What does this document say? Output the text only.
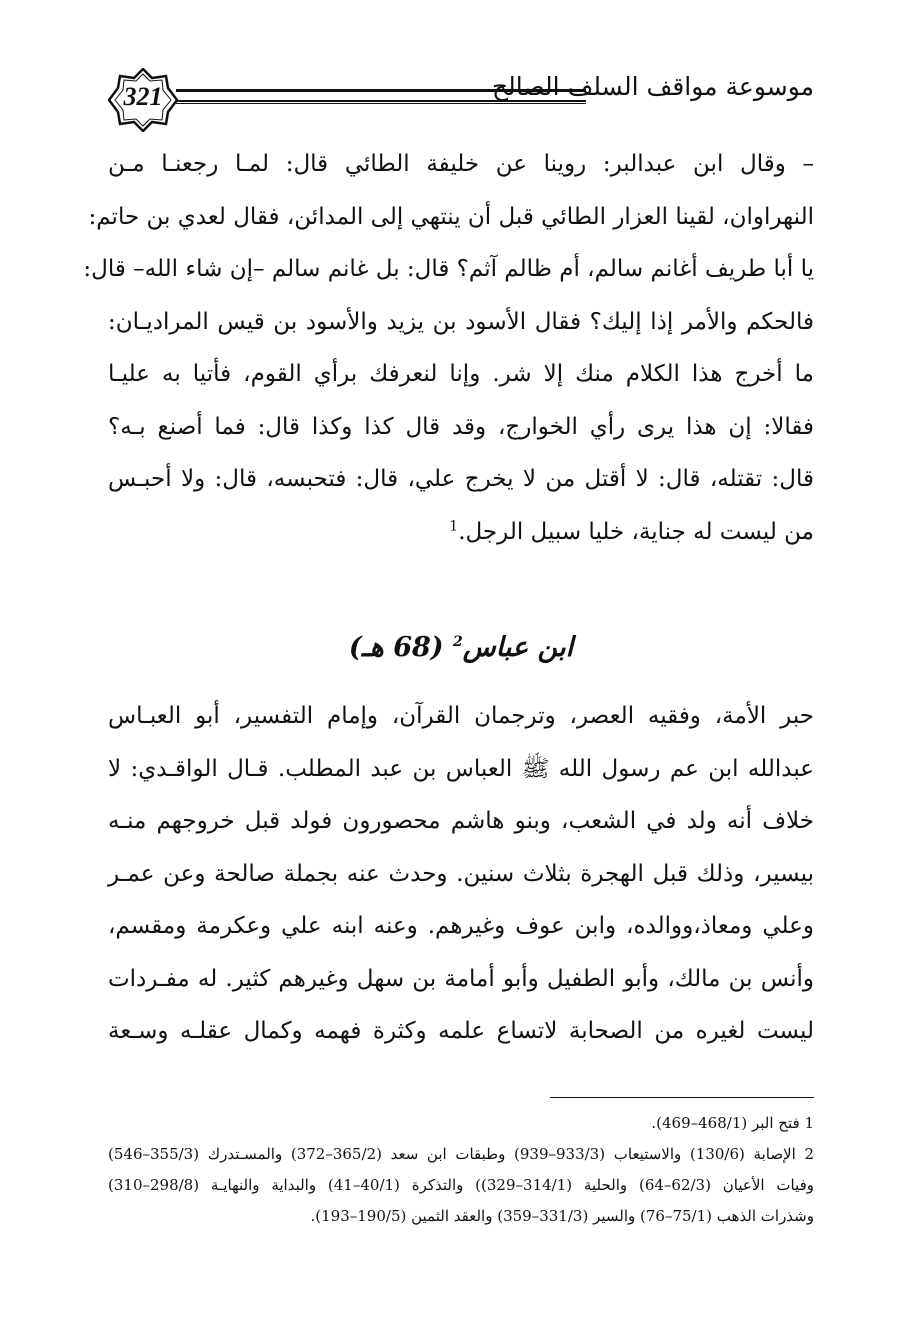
321	موسوعة مواقف السلف الصالح
– وقال ابن عبدالبر: روينا عن خليفة الطائي قال: لمـا رجعنـا مـن
النهراوان، لقينا العزار الطائي قبل أن ينتهي إلى المدائن، فقال لعدي بن حاتم:
يا أبا طريف أغانم سالم، أم ظالم آثم؟ قال: بل غانم سالم –إن شاء الله– قال:
فالحكم والأمر إذا إليك؟ فقال الأسود بن يزيد والأسود بن قيس المراديـان:
ما أخرج هذا الكلام منك إلا شر. وإنا لنعرفك برأي القوم، فأتيا به عليـا
فقالا: إن هذا يرى رأي الخوارج، وقد قال كذا وكذا قال: فما أصنع بـه؟
قال: تقتله، قال: لا أقتل من لا يخرج علي، قال: فتحبسه، قال: ولا أحبـس
من ليست له جناية، خليا سبيل الرجل.$^1$
ابن عباس$^2$ (68 هـ)
حبر الأمة، وفقيه العصر، وترجمان القرآن، وإمام التفسير، أبو العبـاس
عبدالله ابن عم رسول الله ﷺ العباس بن عبد المطلب. قـال الواقـدي: لا
خلاف أنه ولد في الشعب، وبنو هاشم محصورون فولد قبل خروجهم منـه
بيسير، وذلك قبل الهجرة بثلاث سنين. وحدث عنه بجملة صالحة وعن عمـر
وعلي ومعاذ،ووالده، وابن عوف وغيرهم. وعنه ابنه علي وعكرمة ومقسم،
وأنس بن مالك، وأبو الطفيل وأبو أمامة بن سهل وغيرهم كثير. له مفـردات
ليست لغيره من الصحابة لاتساع علمه وكثرة فهمه وكمال عقلـه وسـعة
1 فتح البر (468/1–469).
2 الإصابة (130/6) والاستيعاب (933/3–939) وطبقات ابن سعد (365/2–372) والمسـتدرك (355/3–546)
وفيات الأعيان (62/3–64) والحلية (314/1–329)) والتذكرة (40/1–41) والبداية والنهايـة (298/8–310)
وشذرات الذهب (75/1–76) والسير (331/3–359) والعقد الثمين (190/5–193).
